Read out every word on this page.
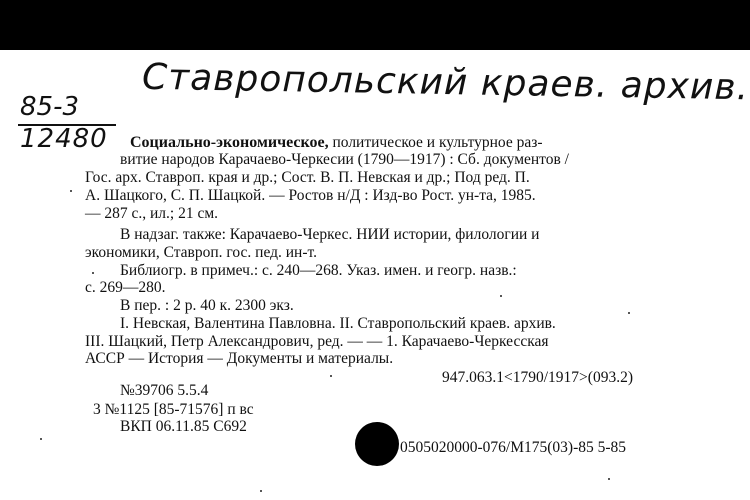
Ставропольский краев. архив.
85-3
12480 Социально-экономическое, политическое и культурное раз-
витие народов Карачаево-Черкесии (1790—1917) : Сб. документов /
Гос. арх. Ставроп. края и др.; Сост. В. П. Невская и др.; Под ред. П.
А. Шацкого, С. П. Шацкой. — Ростов н/Д : Изд-во Рост. ун-та, 1985.
— 287 с., ил.; 21 см.
В надзаг. также: Карачаево-Черкес. НИИ истории, филологии и
экономики, Ставроп. гос. пед. ин-т.
Библиогр. в примеч.: с. 240—268. Указ. имен. и геогр. назв.:
с. 269—280.
В пер. : 2 р. 40 к. 2300 экз.
I. Невская, Валентина Павловна. II. Ставропольский краев. архив.
III. Шацкий, Петр Александрович, ред. — — 1. Карачаево-Черкесская
АССР — История — Документы и материалы.
947.063.1<1790/1917>(093.2)
№39706 5.5.4
3 №1125 [85-71576] п вс
ВКП 06.11.85 С692
0505020000-076/М175(03)-85 5-85
